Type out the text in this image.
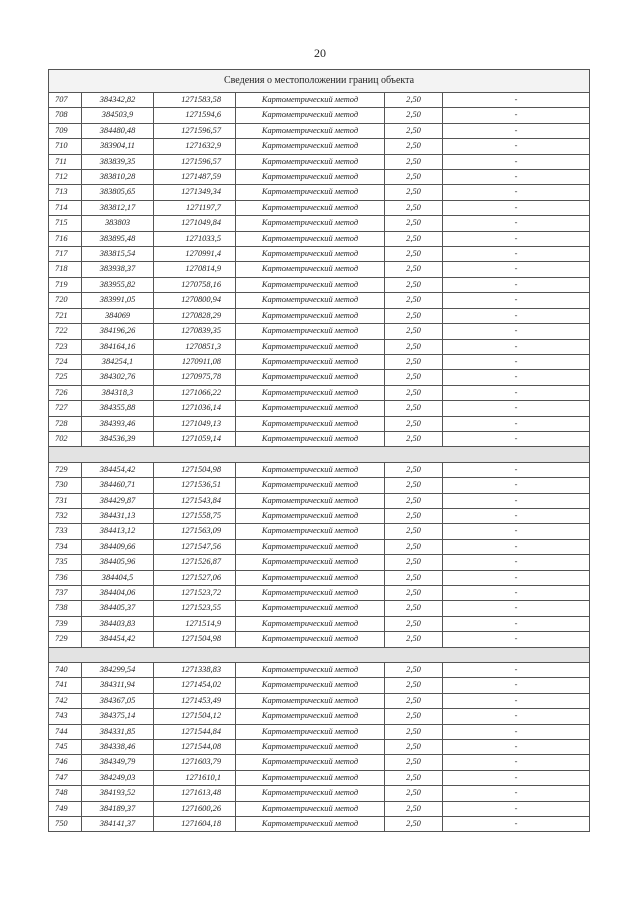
20
Сведения о местоположении границ объекта					
707	384342,82	1271583,58	Картометрический метод	2,50	-
708	384503,9	1271594,6	Картометрический метод	2,50	-
709	384480,48	1271596,57	Картометрический метод	2,50	-
710	383904,11	1271632,9	Картометрический метод	2,50	-
711	383839,35	1271596,57	Картометрический метод	2,50	-
712	383810,28	1271487,59	Картометрический метод	2,50	-
713	383805,65	1271349,34	Картометрический метод	2,50	-
714	383812,17	1271197,7	Картометрический метод	2,50	-
715	383803	1271049,84	Картометрический метод	2,50	-
716	383895,48	1271033,5	Картометрический метод	2,50	-
717	383815,54	1270991,4	Картометрический метод	2,50	-
718	383938,37	1270814,9	Картометрический метод	2,50	-
719	383955,82	1270758,16	Картометрический метод	2,50	-
720	383991,05	1270800,94	Картометрический метод	2,50	-
721	384069	1270828,29	Картометрический метод	2,50	-
722	384196,26	1270839,35	Картометрический метод	2,50	-
723	384164,16	1270851,3	Картометрический метод	2,50	-
724	384254,1	1270911,08	Картометрический метод	2,50	-
725	384302,76	1270975,78	Картометрический метод	2,50	-
726	384318,3	1271066,22	Картометрический метод	2,50	-
727	384355,88	1271036,14	Картометрический метод	2,50	-
728	384393,46	1271049,13	Картометрический метод	2,50	-
702	384536,39	1271059,14	Картометрический метод	2,50	-

729	384454,42	1271504,98	Картометрический метод	2,50	-
730	384460,71	1271536,51	Картометрический метод	2,50	-
731	384429,87	1271543,84	Картометрический метод	2,50	-
732	384431,13	1271558,75	Картометрический метод	2,50	-
733	384413,12	1271563,09	Картометрический метод	2,50	-
734	384409,66	1271547,56	Картометрический метод	2,50	-
735	384405,96	1271526,87	Картометрический метод	2,50	-
736	384404,5	1271527,06	Картометрический метод	2,50	-
737	384404,06	1271523,72	Картометрический метод	2,50	-
738	384405,37	1271523,55	Картометрический метод	2,50	-
739	384403,83	1271514,9	Картометрический метод	2,50	-
729	384454,42	1271504,98	Картометрический метод	2,50	-

740	384299,54	1271338,83	Картометрический метод	2,50	-
741	384311,94	1271454,02	Картометрический метод	2,50	-
742	384367,05	1271453,49	Картометрический метод	2,50	-
743	384375,14	1271504,12	Картометрический метод	2,50	-
744	384331,85	1271544,84	Картометрический метод	2,50	-
745	384338,46	1271544,08	Картометрический метод	2,50	-
746	384349,79	1271603,79	Картометрический метод	2,50	-
747	384249,03	1271610,1	Картометрический метод	2,50	-
748	384193,52	1271613,48	Картометрический метод	2,50	-
749	384189,37	1271600,26	Картометрический метод	2,50	-
750	384141,37	1271604,18	Картометрический метод	2,50	-
